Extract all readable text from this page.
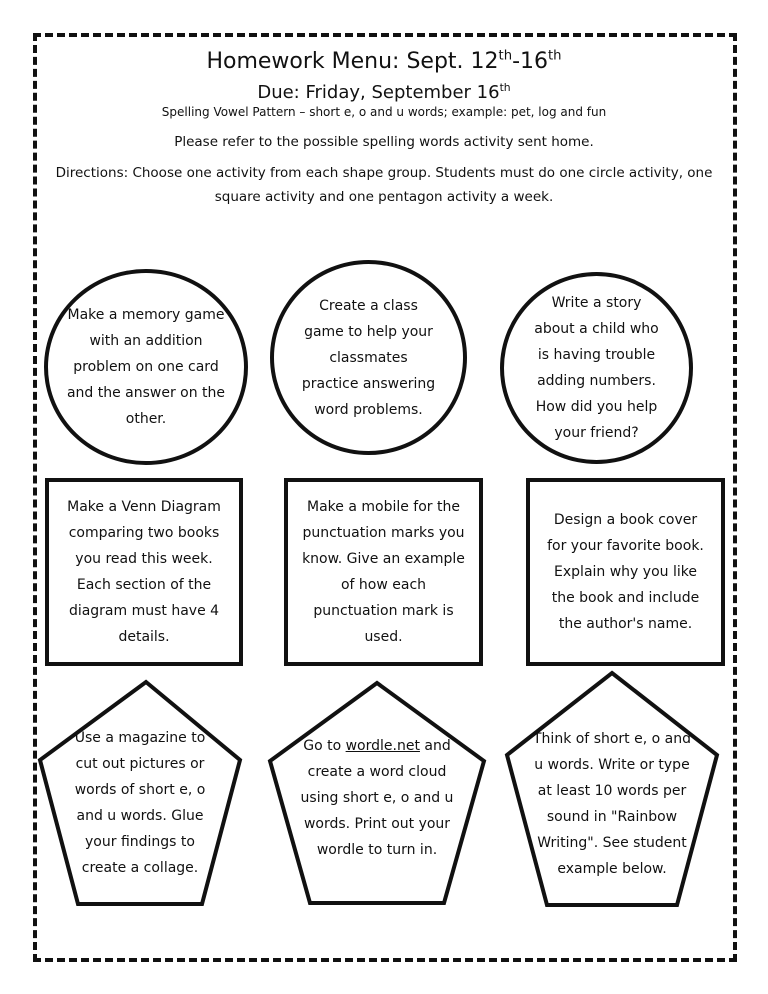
Homework Menu: Sept. 12th-16th

Due: Friday, September 16th

Spelling Vowel Pattern – short e, o and u words; example: pet, log and fun

Please refer to the possible spelling words activity sent home.

Directions: Choose one activity from each shape group. Students must do one circle activity, one square activity and one pentagon activity a week.

Make a memory game with an addition problem on one card and the answer on the other.
Create a class game to help your classmates practice answering word problems.
Write a story about a child who is having trouble adding numbers. How did you help your friend?
Make a Venn Diagram comparing two books you read this week. Each section of the diagram must have 4 details.
Make a mobile for the punctuation marks you know. Give an example of how each punctuation mark is used.
Design a book cover for your favorite book. Explain why you like the book and include the author's name.
Use a magazine to cut out pictures or words of short e, o and u words. Glue your findings to create a collage.
Go to wordle.net and create a word cloud using short e, o and u words. Print out your wordle to turn in.
Think of short e, o and u words. Write or type at least 10 words per sound in "Rainbow Writing". See student example below.
